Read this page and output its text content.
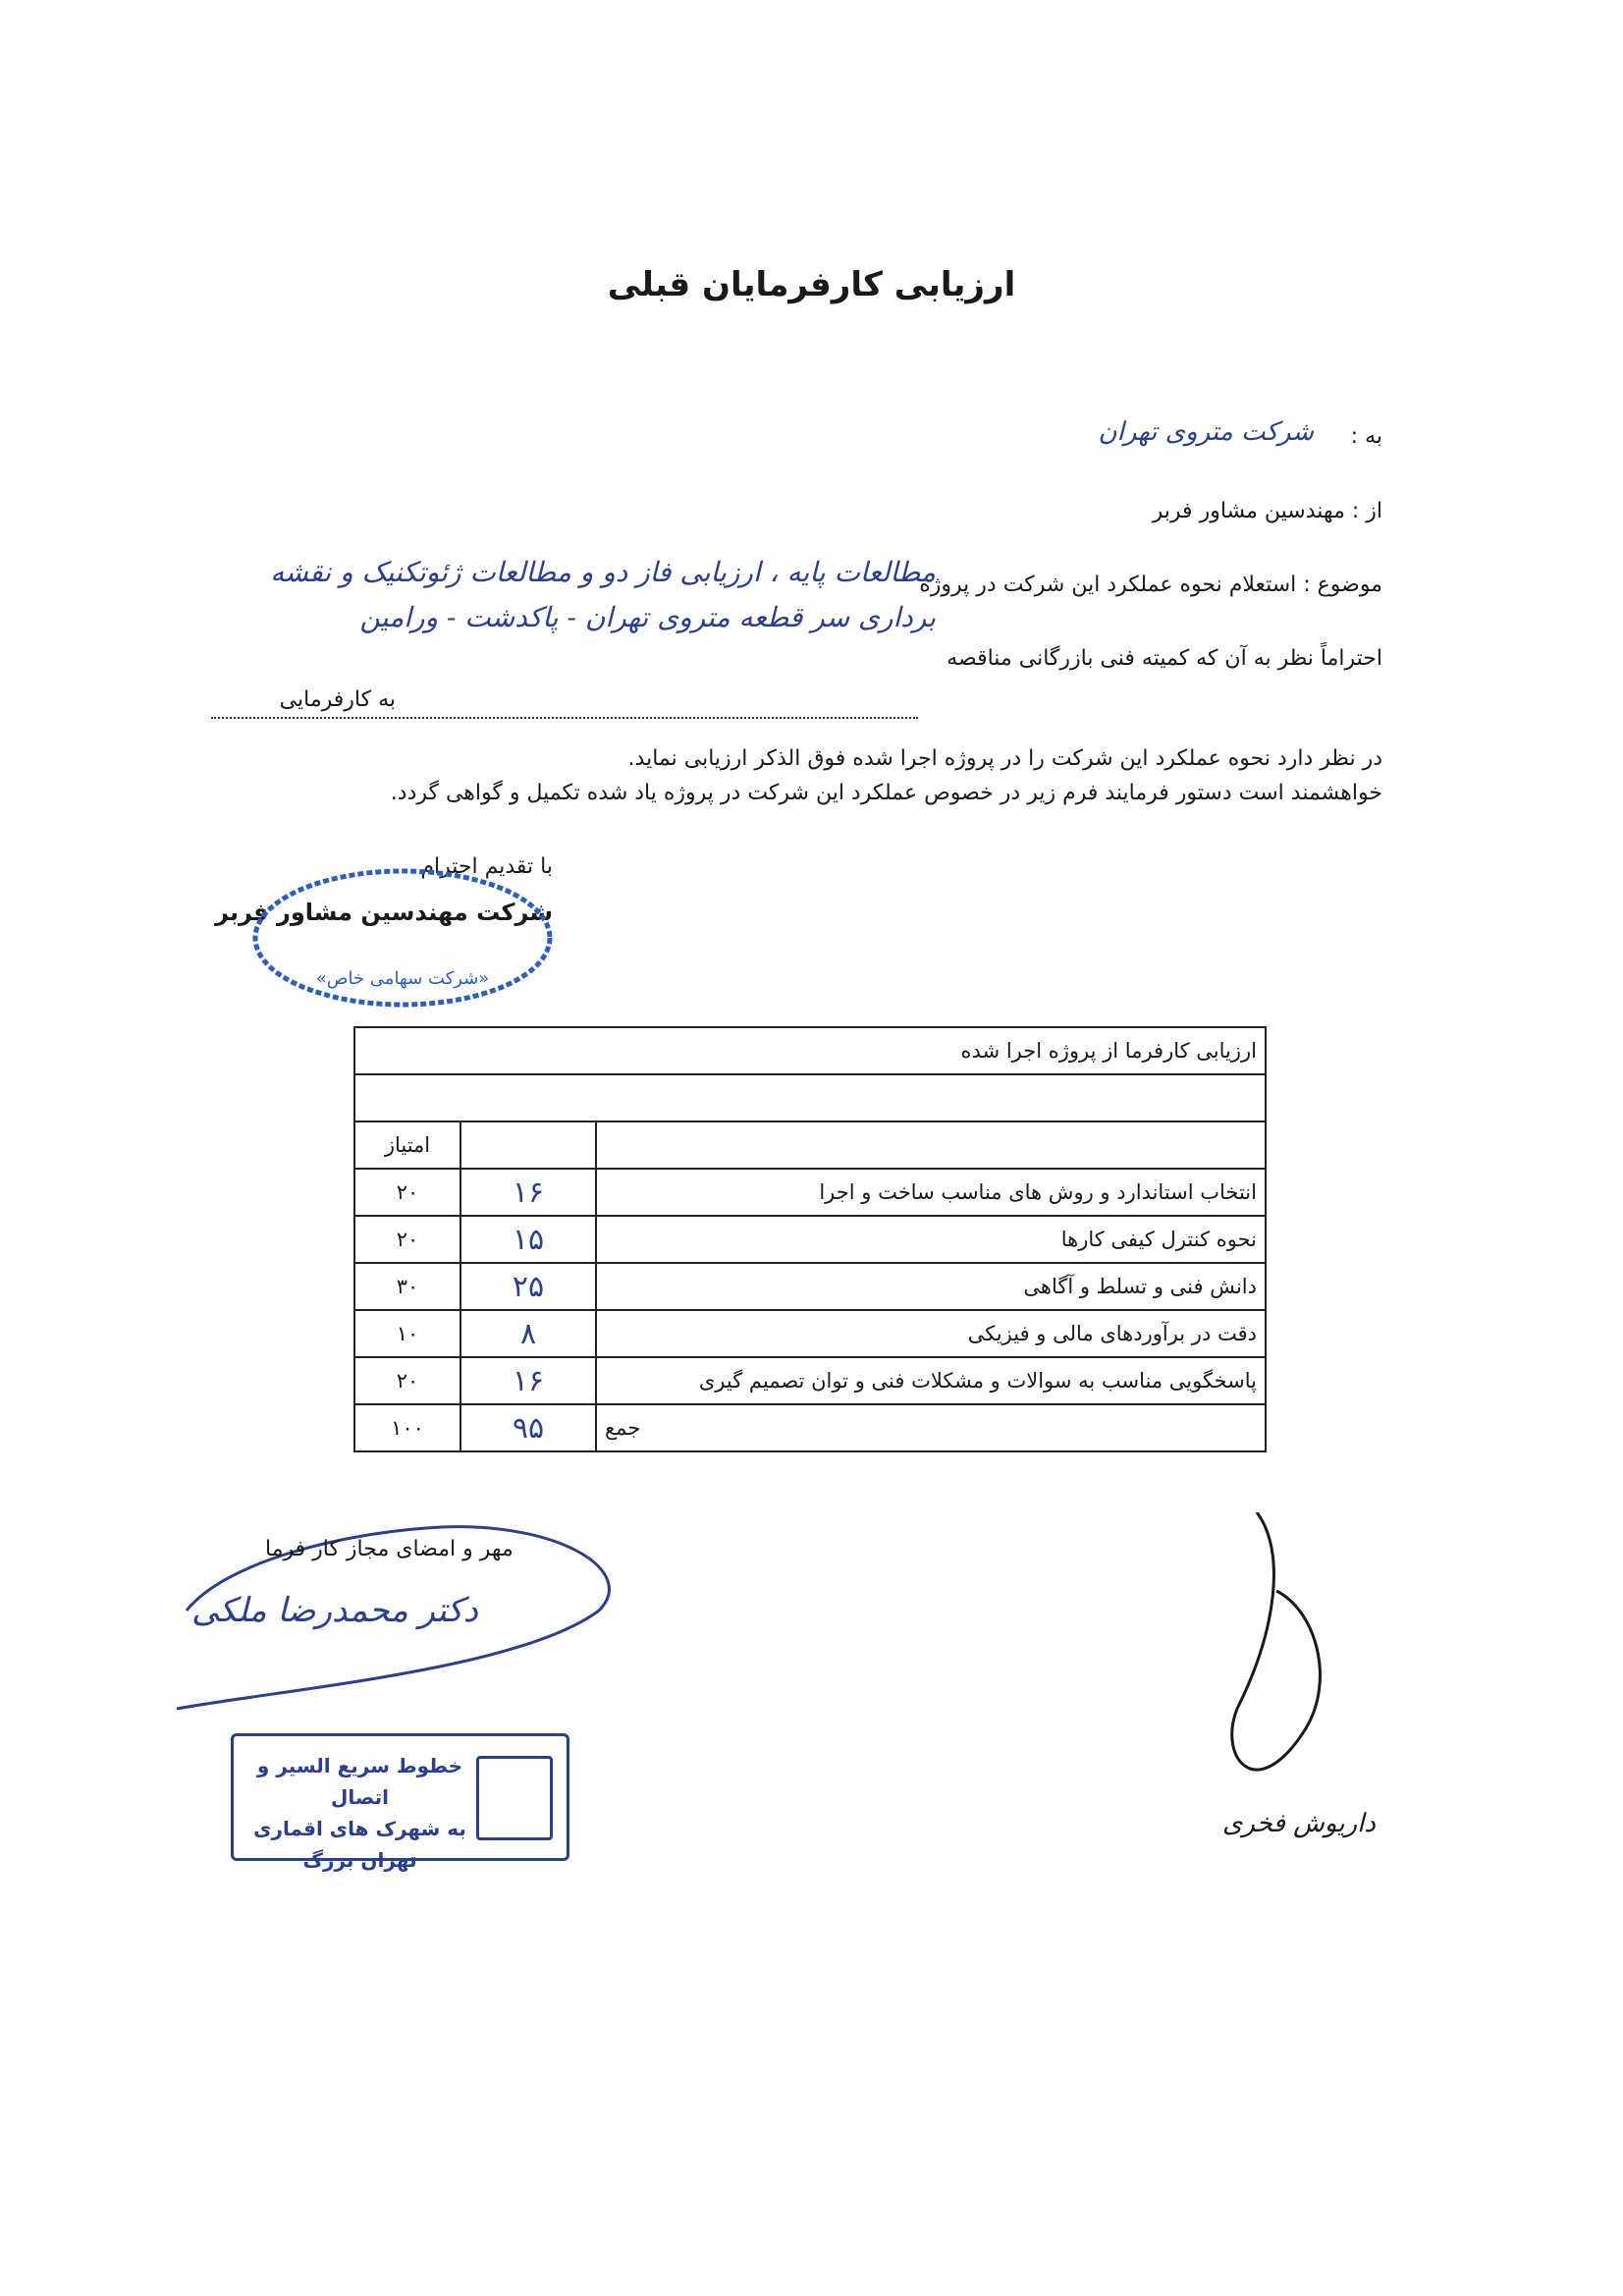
ارزیابی کارفرمایان قبلی
به :
شرکت متروی تهران
از : مهندسین مشاور فربر
موضوع : استعلام نحوه عملکرد این شرکت در پروژه
مطالعات پایه ، ارزیابی فاز دو و مطالعات ژئوتکنیک و نقشه برداری سر قطعه متروی تهران - پاکدشت - ورامین
احتراماً نظر به آن که کمیته فنی بازرگانی مناقصه
به کارفرمایی
در نظر دارد نحوه عملکرد این شرکت را در پروژه اجرا شده فوق الذکر ارزیابی نماید.
خواهشمند است دستور فرمایند فرم زیر در خصوص عملکرد این شرکت در پروژه یاد شده تکمیل و گواهی گردد.
با تقدیم احترام
شرکت مهندسین مشاور فربر
«شرکت سهامی خاص»
ارزیابی کارفرما از پروژه اجرا شده		

		امتیاز
انتخاب استاندارد و روش های مناسب ساخت و اجرا	۱۶	۲۰
نحوه کنترل کیفی کارها	۱۵	۲۰
دانش فنی و تسلط و آگاهی	۲۵	۳۰
دقت در برآوردهای مالی و فیزیکی	۸	۱۰
پاسخگویی مناسب به سوالات و مشکلات فنی و توان تصمیم گیری	۱۶	۲۰
جمع	۹۵	۱۰۰
مهر و امضای مجاز کار فرما
دکتر محمدرضا ملکی
خطوط سریع السیر و اتصال
به شهرک های اقماری
تهران بزرگ
داریوش فخری
